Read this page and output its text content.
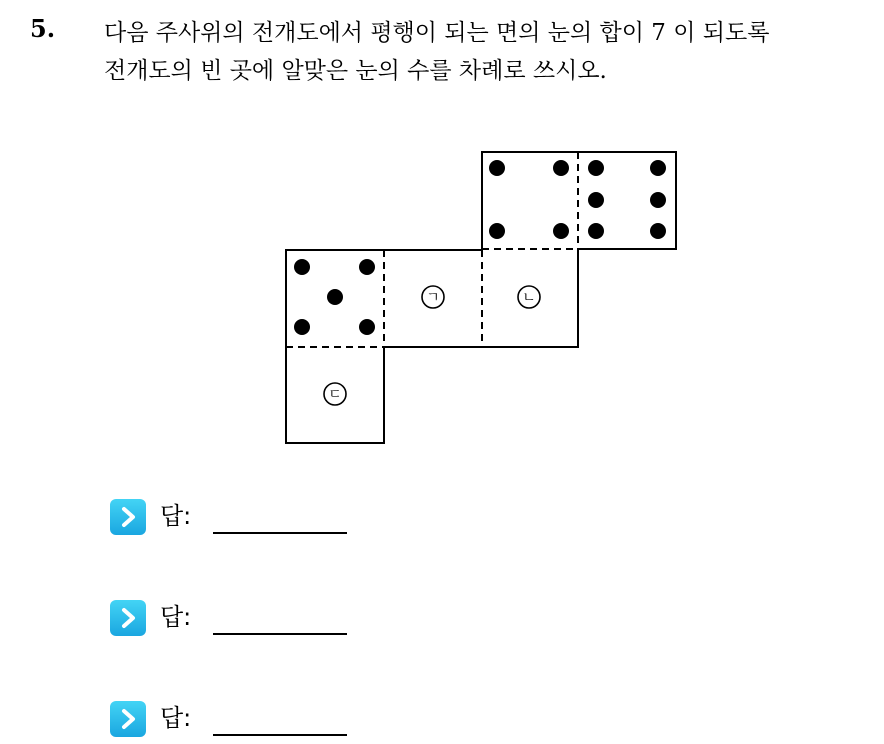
5. 다음 주사위의 전개도에서 평행이 되는 면의 눈의 합이 7 이 되도록
전개도의 빈 곳에 알맞은 눈의 수를 차례로 쓰시오.
ㄱ	ㄴ
ㄷ
답:
답:
답:
